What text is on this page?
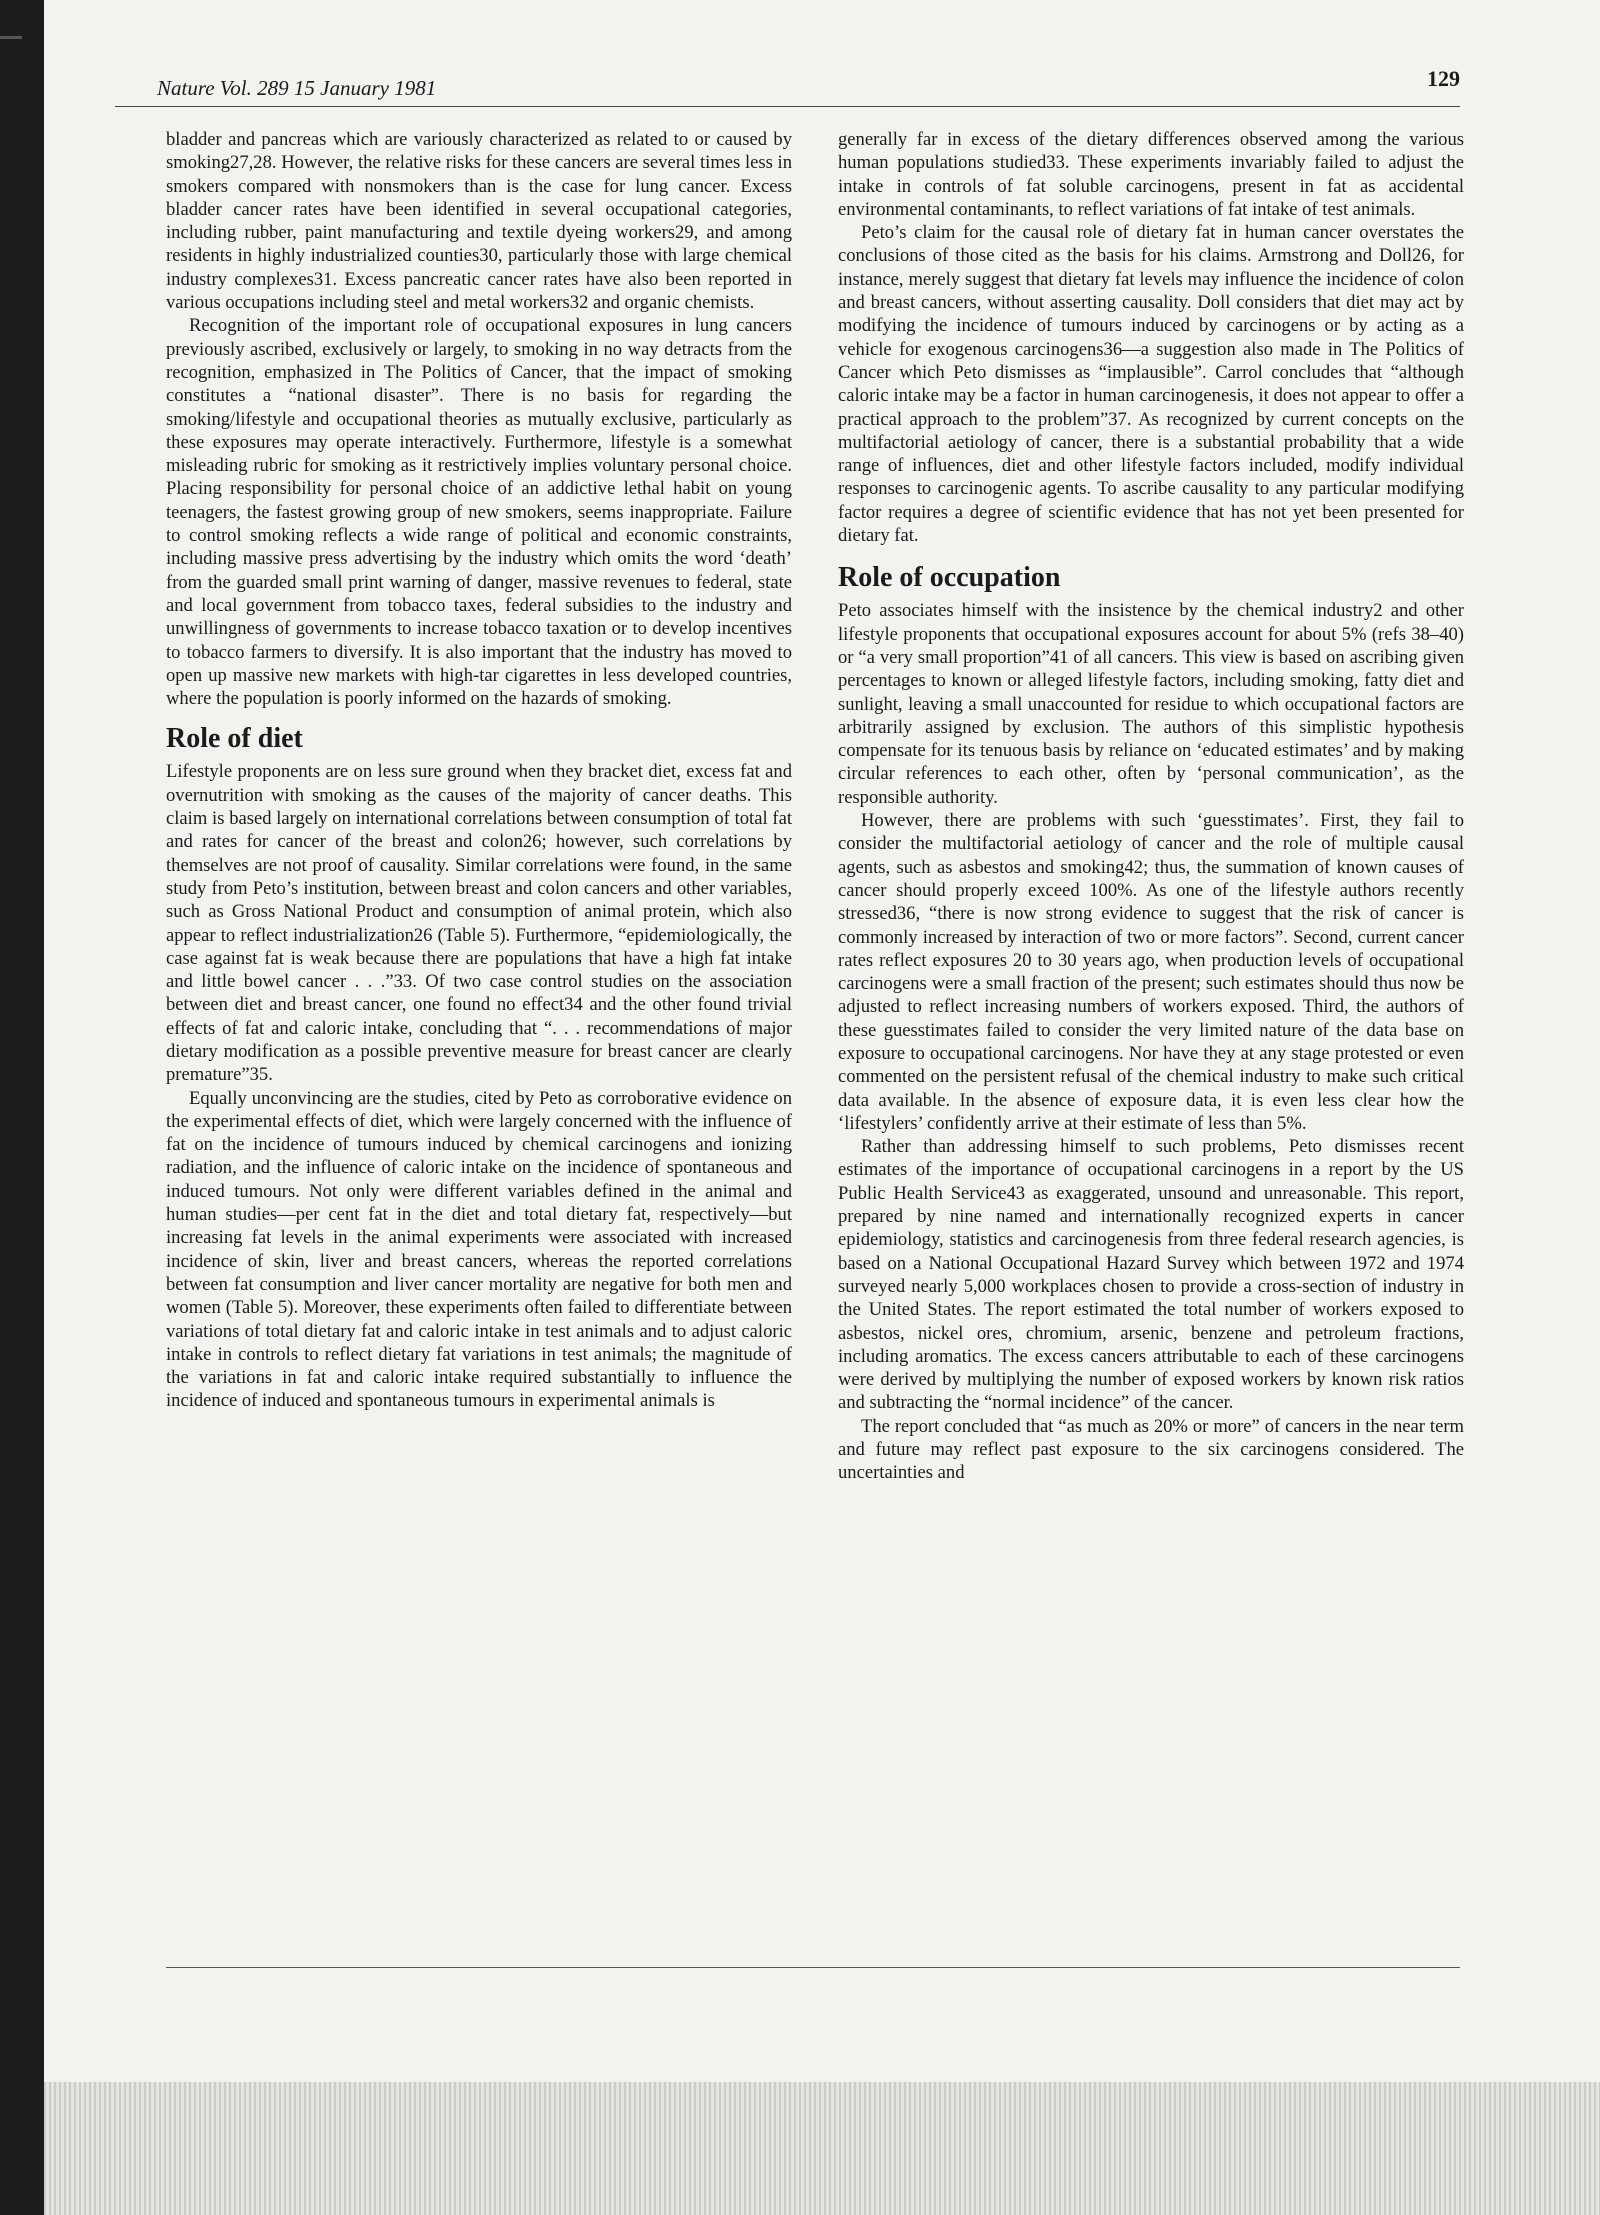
Nature Vol. 289 15 January 1981	129

bladder and pancreas which are variously characterized as related to or caused by smoking27,28. However, the relative risks for these cancers are several times less in smokers compared with nonsmokers than is the case for lung cancer. Excess bladder cancer rates have been identified in several occupational categories, including rubber, paint manufacturing and textile dyeing workers29, and among residents in highly industrialized counties30, particularly those with large chemical industry complexes31. Excess pancreatic cancer rates have also been reported in various occupations including steel and metal workers32 and organic chemists.

Recognition of the important role of occupational exposures in lung cancers previously ascribed, exclusively or largely, to smoking in no way detracts from the recognition, emphasized in The Politics of Cancer, that the impact of smoking constitutes a “national disaster”. There is no basis for regarding the smoking/lifestyle and occupational theories as mutually exclusive, particularly as these exposures may operate interactively. Furthermore, lifestyle is a somewhat misleading rubric for smoking as it restrictively implies voluntary personal choice. Placing responsibility for personal choice of an addictive lethal habit on young teenagers, the fastest growing group of new smokers, seems inappropriate. Failure to control smoking reflects a wide range of political and economic constraints, including massive press advertising by the industry which omits the word ‘death’ from the guarded small print warning of danger, massive revenues to federal, state and local government from tobacco taxes, federal subsidies to the industry and unwillingness of governments to increase tobacco taxation or to develop incentives to tobacco farmers to diversify. It is also important that the industry has moved to open up massive new markets with high-tar cigarettes in less developed countries, where the population is poorly informed on the hazards of smoking.

Role of diet

Lifestyle proponents are on less sure ground when they bracket diet, excess fat and overnutrition with smoking as the causes of the majority of cancer deaths. This claim is based largely on international correlations between consumption of total fat and rates for cancer of the breast and colon26; however, such correlations by themselves are not proof of causality. Similar correlations were found, in the same study from Peto’s institution, between breast and colon cancers and other variables, such as Gross National Product and consumption of animal protein, which also appear to reflect industrialization26 (Table 5). Furthermore, “epidemiologically, the case against fat is weak because there are populations that have a high fat intake and little bowel cancer . . .”33. Of two case control studies on the association between diet and breast cancer, one found no effect34 and the other found trivial effects of fat and caloric intake, concluding that “. . . recommendations of major dietary modification as a possible preventive measure for breast cancer are clearly premature”35.

Equally unconvincing are the studies, cited by Peto as corroborative evidence on the experimental effects of diet, which were largely concerned with the influence of fat on the incidence of tumours induced by chemical carcinogens and ionizing radiation, and the influence of caloric intake on the incidence of spontaneous and induced tumours. Not only were different variables defined in the animal and human studies—per cent fat in the diet and total dietary fat, respectively—but increasing fat levels in the animal experiments were associated with increased incidence of skin, liver and breast cancers, whereas the reported correlations between fat consumption and liver cancer mortality are negative for both men and women (Table 5). Moreover, these experiments often failed to differentiate between variations of total dietary fat and caloric intake in test animals and to adjust caloric intake in controls to reflect dietary fat variations in test animals; the magnitude of the variations in fat and caloric intake required substantially to influence the incidence of induced and spontaneous tumours in experimental animals is

generally far in excess of the dietary differences observed among the various human populations studied33. These experiments invariably failed to adjust the intake in controls of fat soluble carcinogens, present in fat as accidental environmental contaminants, to reflect variations of fat intake of test animals.

Peto’s claim for the causal role of dietary fat in human cancer overstates the conclusions of those cited as the basis for his claims. Armstrong and Doll26, for instance, merely suggest that dietary fat levels may influence the incidence of colon and breast cancers, without asserting causality. Doll considers that diet may act by modifying the incidence of tumours induced by carcinogens or by acting as a vehicle for exogenous carcinogens36—a suggestion also made in The Politics of Cancer which Peto dismisses as “implausible”. Carrol concludes that “although caloric intake may be a factor in human carcinogenesis, it does not appear to offer a practical approach to the problem”37. As recognized by current concepts on the multifactorial aetiology of cancer, there is a substantial probability that a wide range of influences, diet and other lifestyle factors included, modify individual responses to carcinogenic agents. To ascribe causality to any particular modifying factor requires a degree of scientific evidence that has not yet been presented for dietary fat.

Role of occupation

Peto associates himself with the insistence by the chemical industry2 and other lifestyle proponents that occupational exposures account for about 5% (refs 38–40) or “a very small proportion”41 of all cancers. This view is based on ascribing given percentages to known or alleged lifestyle factors, including smoking, fatty diet and sunlight, leaving a small unaccounted for residue to which occupational factors are arbitrarily assigned by exclusion. The authors of this simplistic hypothesis compensate for its tenuous basis by reliance on ‘educated estimates’ and by making circular references to each other, often by ‘personal communication’, as the responsible authority.

However, there are problems with such ‘guesstimates’. First, they fail to consider the multifactorial aetiology of cancer and the role of multiple causal agents, such as asbestos and smoking42; thus, the summation of known causes of cancer should properly exceed 100%. As one of the lifestyle authors recently stressed36, “there is now strong evidence to suggest that the risk of cancer is commonly increased by interaction of two or more factors”. Second, current cancer rates reflect exposures 20 to 30 years ago, when production levels of occupational carcinogens were a small fraction of the present; such estimates should thus now be adjusted to reflect increasing numbers of workers exposed. Third, the authors of these guesstimates failed to consider the very limited nature of the data base on exposure to occupational carcinogens. Nor have they at any stage protested or even commented on the persistent refusal of the chemical industry to make such critical data available. In the absence of exposure data, it is even less clear how the ‘lifestylers’ confidently arrive at their estimate of less than 5%.

Rather than addressing himself to such problems, Peto dismisses recent estimates of the importance of occupational carcinogens in a report by the US Public Health Service43 as exaggerated, unsound and unreasonable. This report, prepared by nine named and internationally recognized experts in cancer epidemiology, statistics and carcinogenesis from three federal research agencies, is based on a National Occupational Hazard Survey which between 1972 and 1974 surveyed nearly 5,000 workplaces chosen to provide a cross-section of industry in the United States. The report estimated the total number of workers exposed to asbestos, nickel ores, chromium, arsenic, benzene and petroleum fractions, including aromatics. The excess cancers attributable to each of these carcinogens were derived by multiplying the number of exposed workers by known risk ratios and subtracting the “normal incidence” of the cancer.

The report concluded that “as much as 20% or more” of cancers in the near term and future may reflect past exposure to the six carcinogens considered. The uncertainties and
